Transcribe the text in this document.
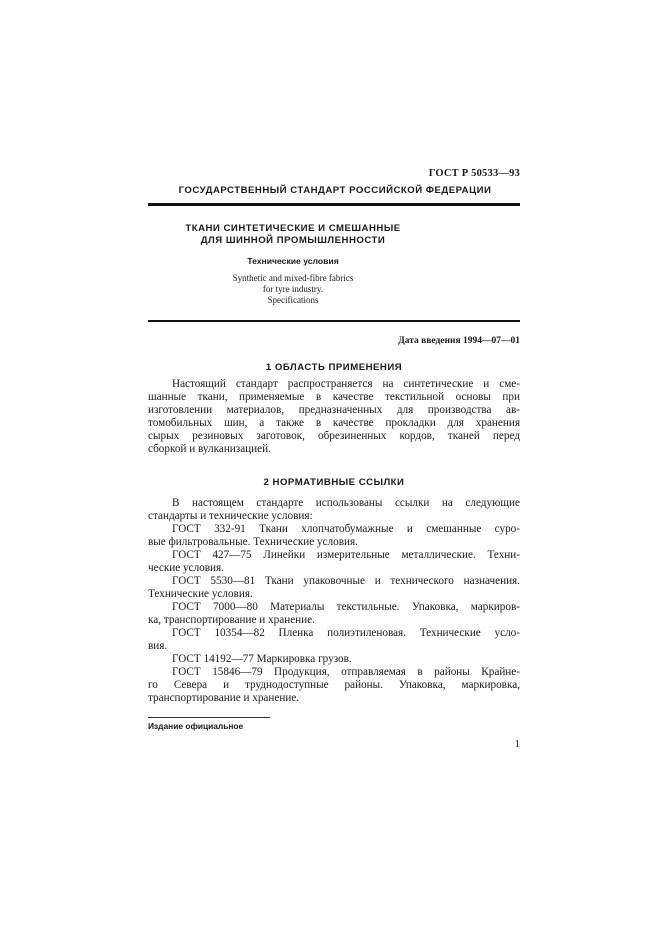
ГОСТ Р 50533—93
ГОСУДАРСТВЕННЫЙ СТАНДАРТ РОССИЙСКОЙ ФЕДЕРАЦИИ
ТКАНИ СИНТЕТИЧЕСКИЕ И СМЕШАННЫЕ
ДЛЯ ШИННОЙ ПРОМЫШЛЕННОСТИ
Технические условия
Synthetic and mixed-fibre fabrics
for tyre industry.
Specifications
Дата введения 1994—07—01
1 ОБЛАСТЬ ПРИМЕНЕНИЯ
Настоящий стандарт распространяется на синтетические и сме-
шанные ткани, применяемые в качестве текстильной основы при
изготовлении материалов, предназначенных для производства ав-
томобильных шин, а также в качестве прокладки для хранения
сырых резиновых заготовок, обрезиненных кордов, тканей перед
сборкой и вулканизацией.
2 НОРМАТИВНЫЕ ССЫЛКИ
В настоящем стандарте использованы ссылки на следующие
стандарты и технические условия:
ГОСТ 332-91 Ткани хлопчатобумажные и смешанные суро-
вые фильтровальные. Технические условия.
ГОСТ 427—75 Линейки измерительные металлические. Техни-
ческие условия.
ГОСТ 5530—81 Ткани упаковочные и технического назначения.
Технические условия.
ГОСТ 7000—80 Материалы текстильные. Упаковка, маркиров-
ка, транспортирование и хранение.
ГОСТ 10354—82 Пленка полиэтиленовая. Технические усло-
вия.
ГОСТ 14192—77 Маркировка грузов.
ГОСТ 15846—79 Продукция, отправляемая в районы Крайне-
го Севера и труднодоступные районы. Упаковка, маркировка,
транспортирование и хранение.
Издание официальное
1
